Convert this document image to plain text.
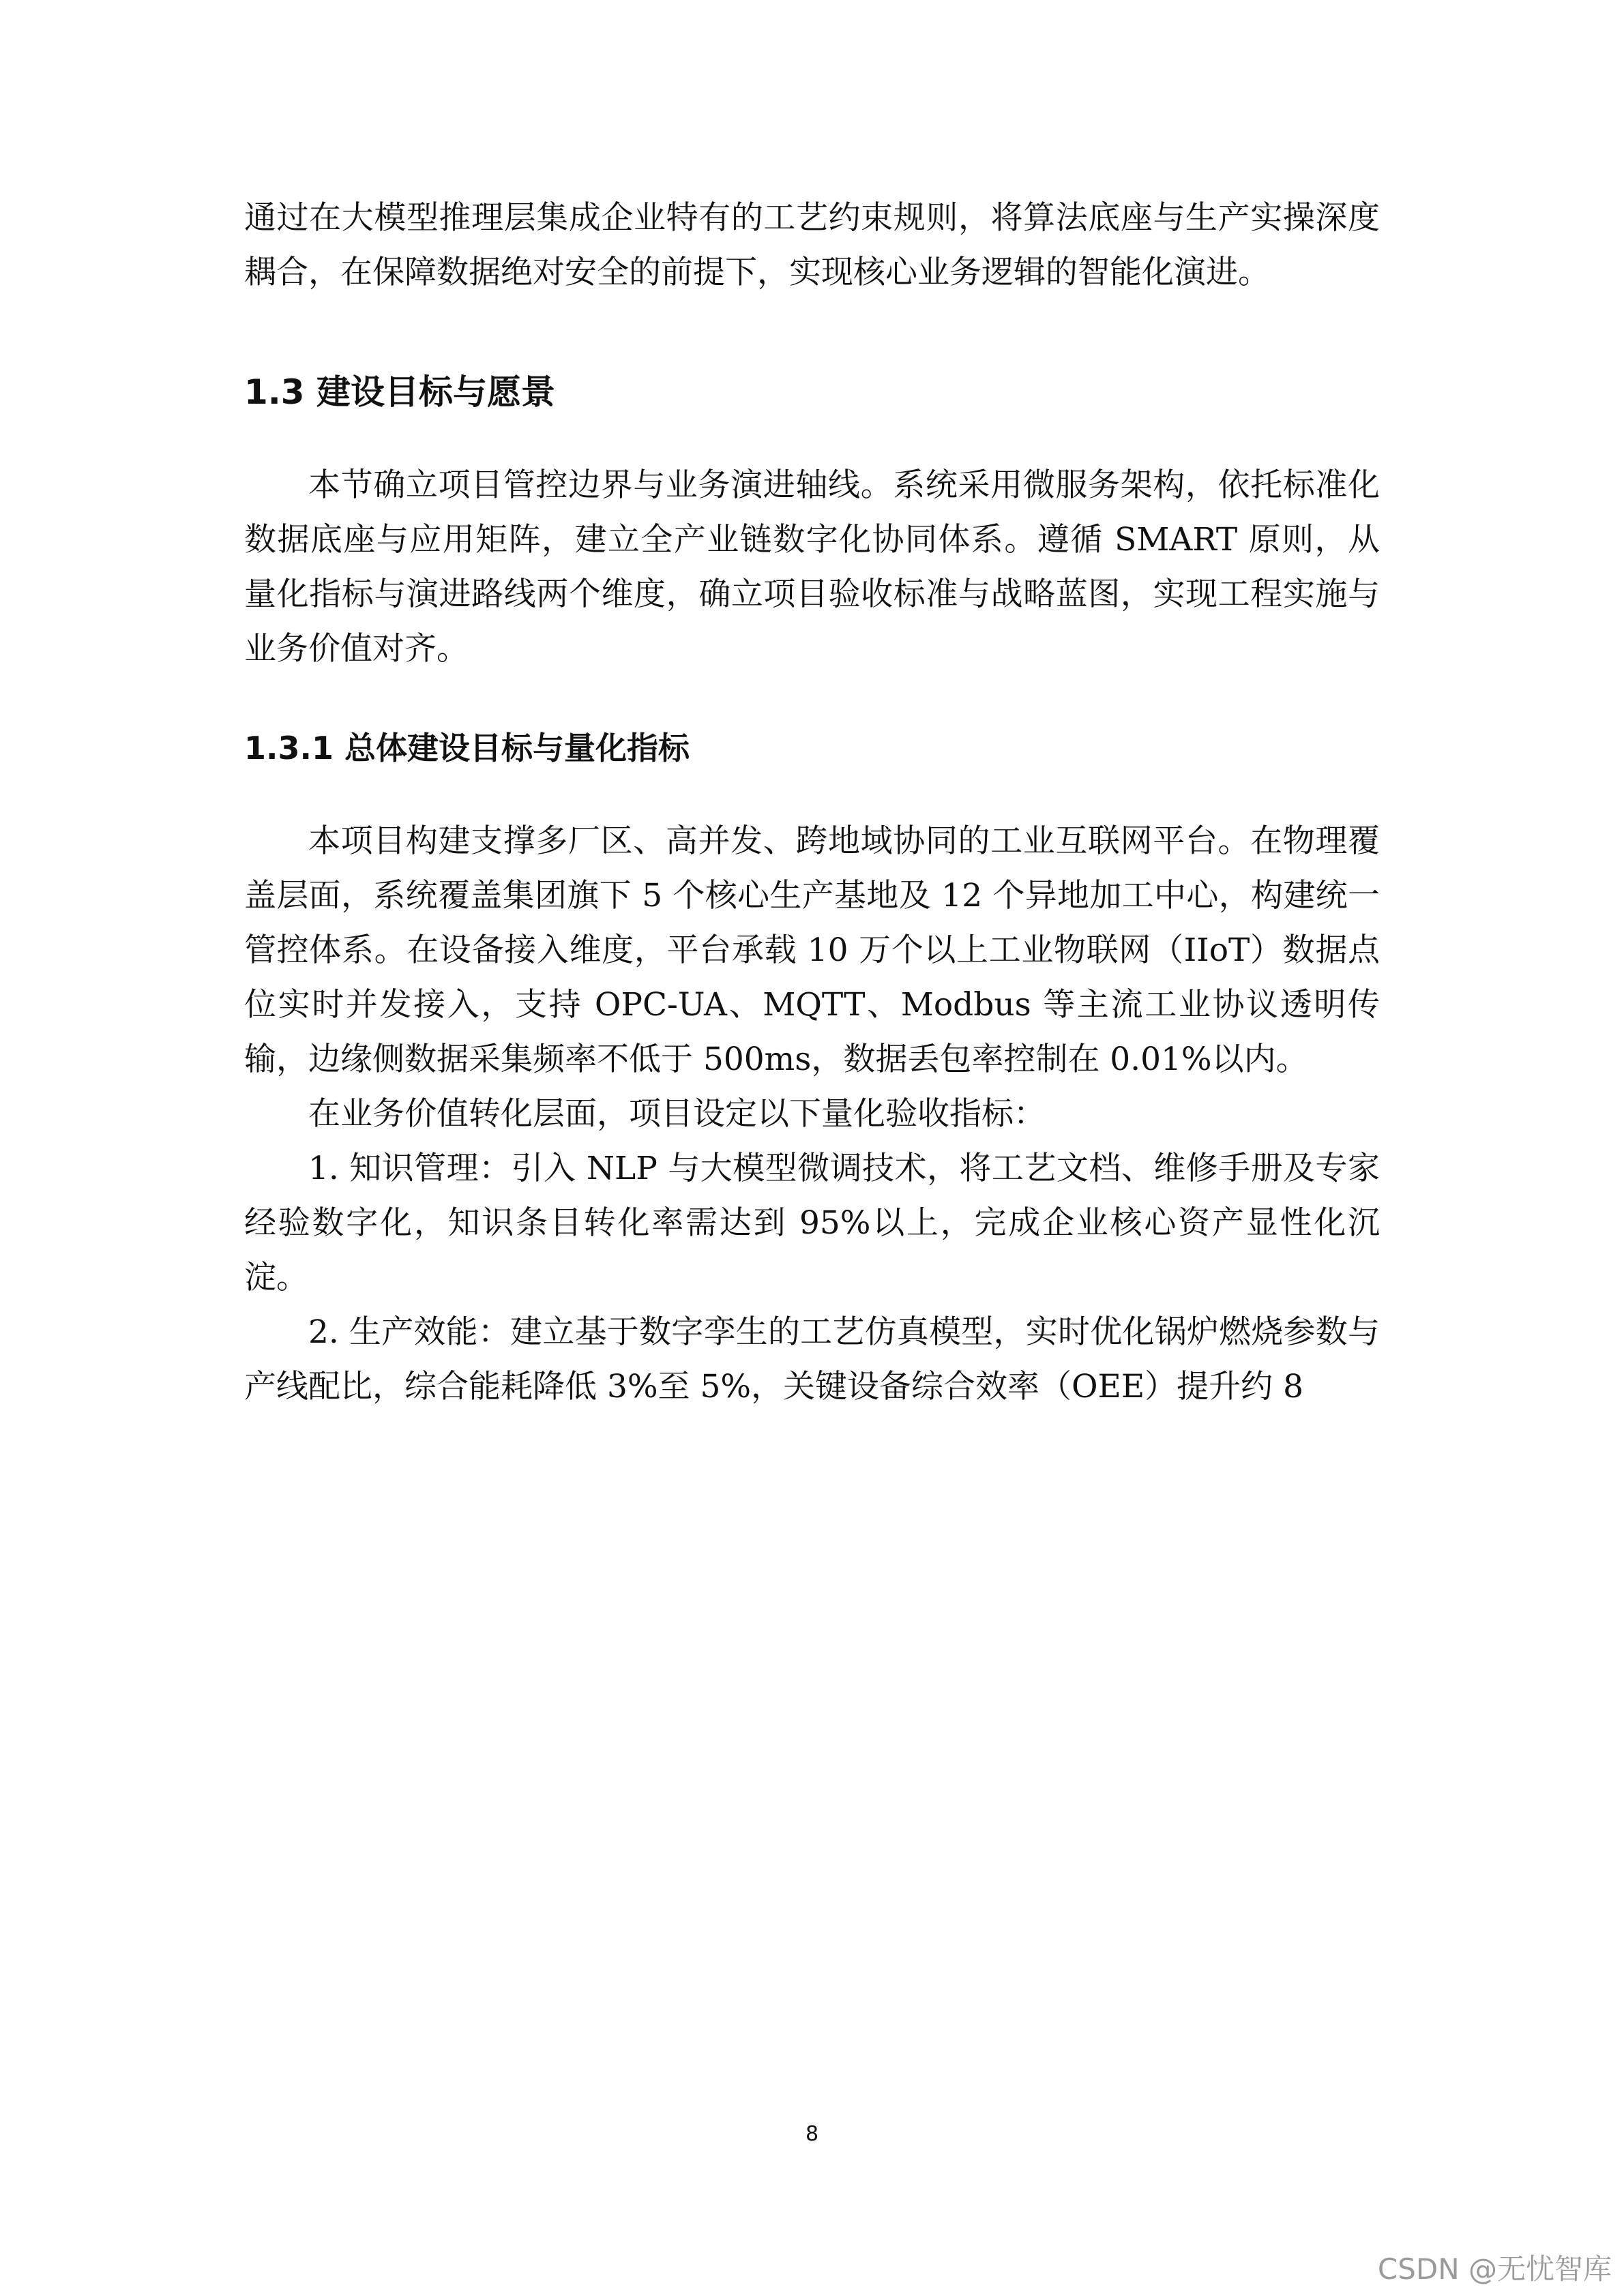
通过在大模型推理层集成企业特有的工艺约束规则，将算法底座与生产实操深度耦合，在保障数据绝对安全的前提下，实现核心业务逻辑的智能化演进。

1.3 建设目标与愿景

本节确立项目管控边界与业务演进轴线。系统采用微服务架构，依托标准化数据底座与应用矩阵，建立全产业链数字化协同体系。遵循 SMART 原则，从量化指标与演进路线两个维度，确立项目验收标准与战略蓝图，实现工程实施与业务价值对齐。

1.3.1 总体建设目标与量化指标

本项目构建支撑多厂区、高并发、跨地域协同的工业互联网平台。在物理覆盖层面，系统覆盖集团旗下 5 个核心生产基地及 12 个异地加工中心，构建统一管控体系。在设备接入维度，平台承载 10 万个以上工业物联网（IIoT）数据点位实时并发接入，支持 OPC-UA、MQTT、Modbus 等主流工业协议透明传输，边缘侧数据采集频率不低于 500ms，数据丢包率控制在 0.01%以内。

在业务价值转化层面，项目设定以下量化验收指标：

1. 知识管理：引入 NLP 与大模型微调技术，将工艺文档、维修手册及专家经验数字化，知识条目转化率需达到 95%以上，完成企业核心资产显性化沉淀。

2. 生产效能：建立基于数字孪生的工艺仿真模型，实时优化锅炉燃烧参数与产线配比，综合能耗降低 3%至 5%，关键设备综合效率（OEE）提升约 8

8
CSDN @无忧智库
